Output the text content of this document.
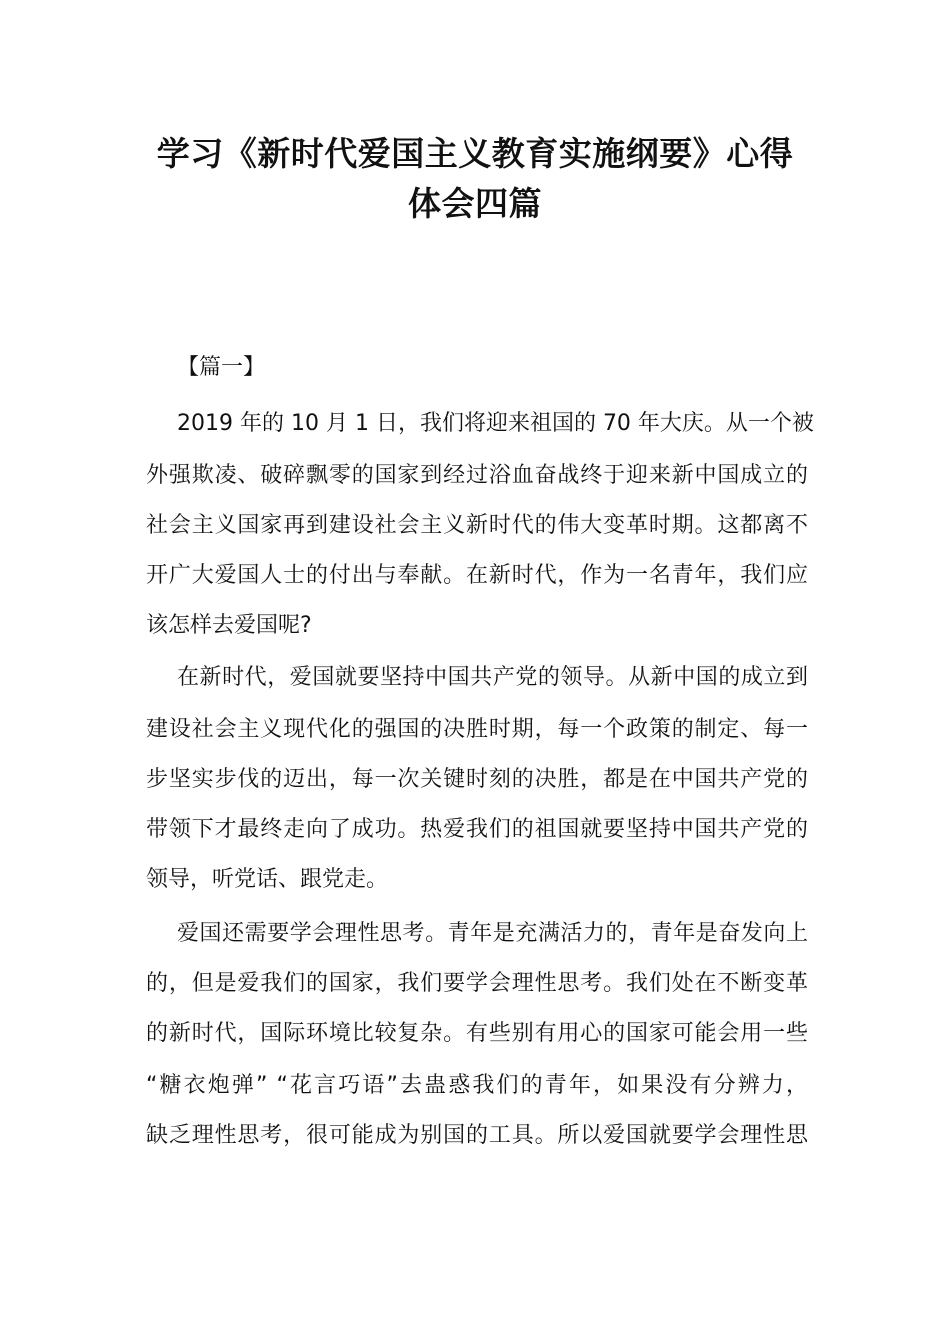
学习《新时代爱国主义教育实施纲要》心得
体会四篇
【篇一】
2019 年的 10 月 1 日，我们将迎来祖国的 70 年大庆。从一个被
外强欺凌、破碎飘零的国家到经过浴血奋战终于迎来新中国成立的
社会主义国家再到建设社会主义新时代的伟大变革时期。这都离不
开广大爱国人士的付出与奉献。在新时代，作为一名青年，我们应
该怎样去爱国呢?
在新时代，爱国就要坚持中国共产党的领导。从新中国的成立到
建设社会主义现代化的强国的决胜时期，每一个政策的制定、每一
步坚实步伐的迈出，每一次关键时刻的决胜，都是在中国共产党的
带领下才最终走向了成功。热爱我们的祖国就要坚持中国共产党的
领导，听党话、跟党走。
爱国还需要学会理性思考。青年是充满活力的，青年是奋发向上
的，但是爱我们的国家，我们要学会理性思考。我们处在不断变革
的新时代，国际环境比较复杂。有些别有用心的国家可能会用一些
“糖衣炮弹” “花言巧语”去蛊惑我们的青年，如果没有分辨力，
缺乏理性思考，很可能成为别国的工具。所以爱国就要学会理性思
